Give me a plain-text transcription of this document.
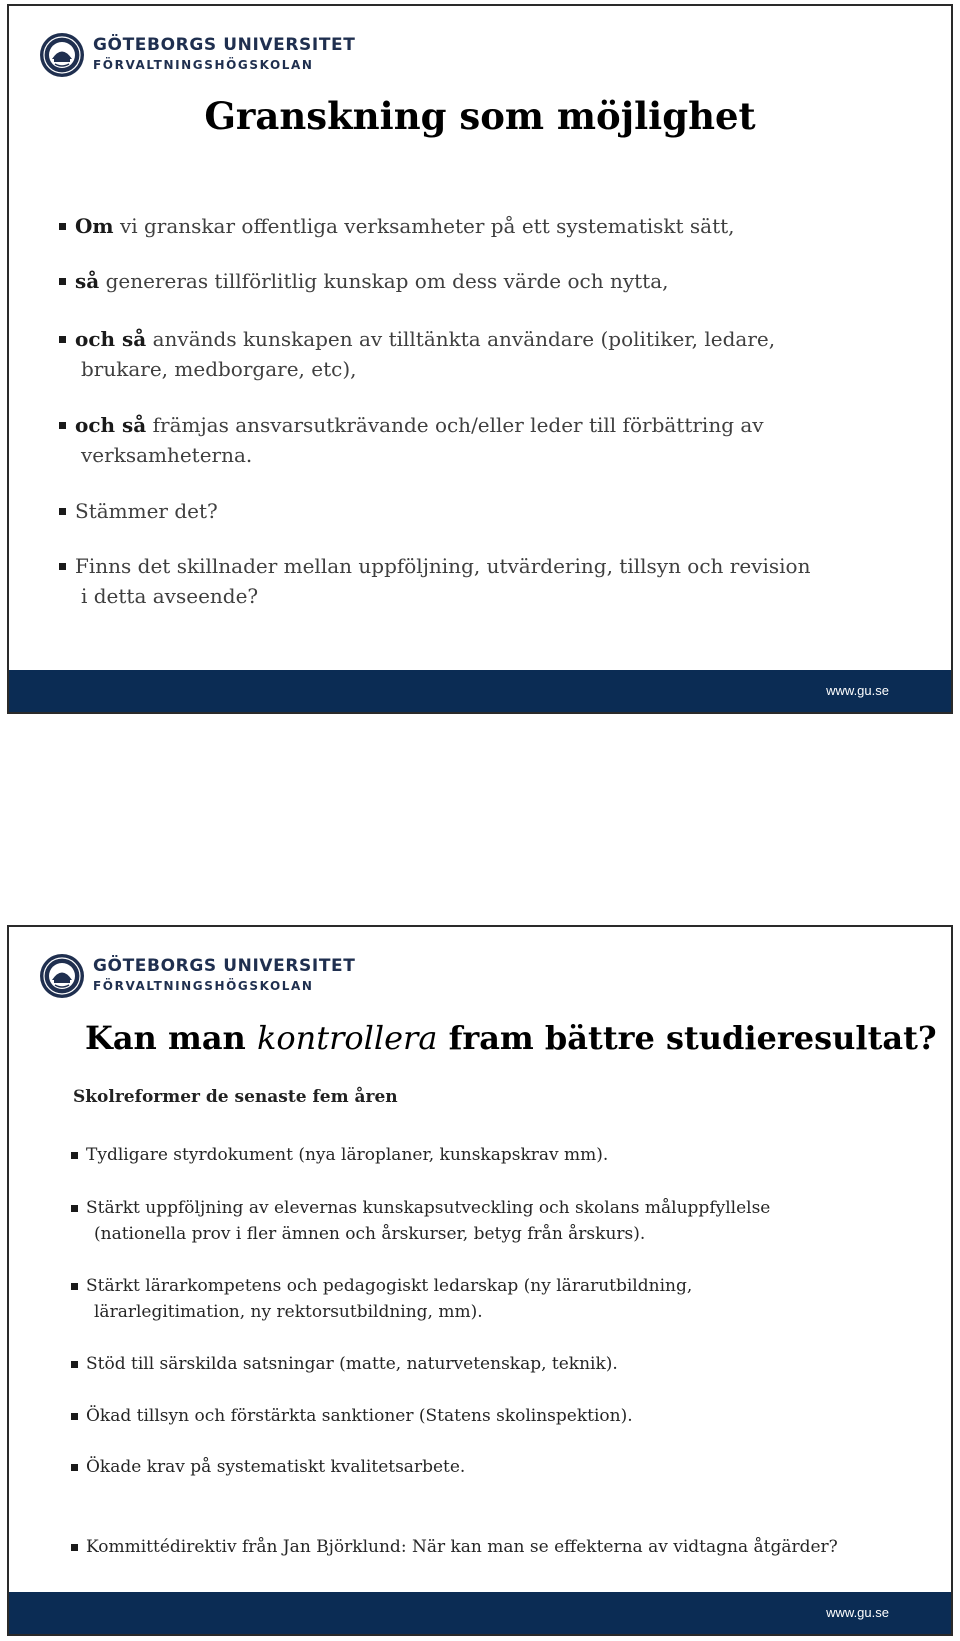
GÖTEBORGS UNIVERSITET
FÖRVALTNINGSHÖGSKOLAN
Granskning som möjlighet
Om vi granskar offentliga verksamheter på ett systematiskt sätt,
så genereras tillförlitlig kunskap om dess värde och nytta,
och så används kunskapen av tilltänkta användare (politiker, ledare,
brukare, medborgare, etc),
och så främjas ansvarsutkrävande och/eller leder till förbättring av
verksamheterna.
Stämmer det?
Finns det skillnader mellan uppföljning, utvärdering, tillsyn och revision
i detta avseende?
www.gu.se
GÖTEBORGS UNIVERSITET
FÖRVALTNINGSHÖGSKOLAN
Kan man kontrollera fram bättre studieresultat?
Skolreformer de senaste fem åren
Tydligare styrdokument (nya läroplaner, kunskapskrav mm).
Stärkt uppföljning av elevernas kunskapsutveckling och skolans måluppfyllelse
(nationella prov i fler ämnen och årskurser, betyg från årskurs).
Stärkt lärarkompetens och pedagogiskt ledarskap (ny lärarutbildning,
lärarlegitimation, ny rektorsutbildning, mm).
Stöd till särskilda satsningar (matte, naturvetenskap, teknik).
Ökad tillsyn och förstärkta sanktioner (Statens skolinspektion).
Ökade krav på systematiskt kvalitetsarbete.
Kommittédirektiv från Jan Björklund: När kan man se effekterna av vidtagna åtgärder?
www.gu.se
